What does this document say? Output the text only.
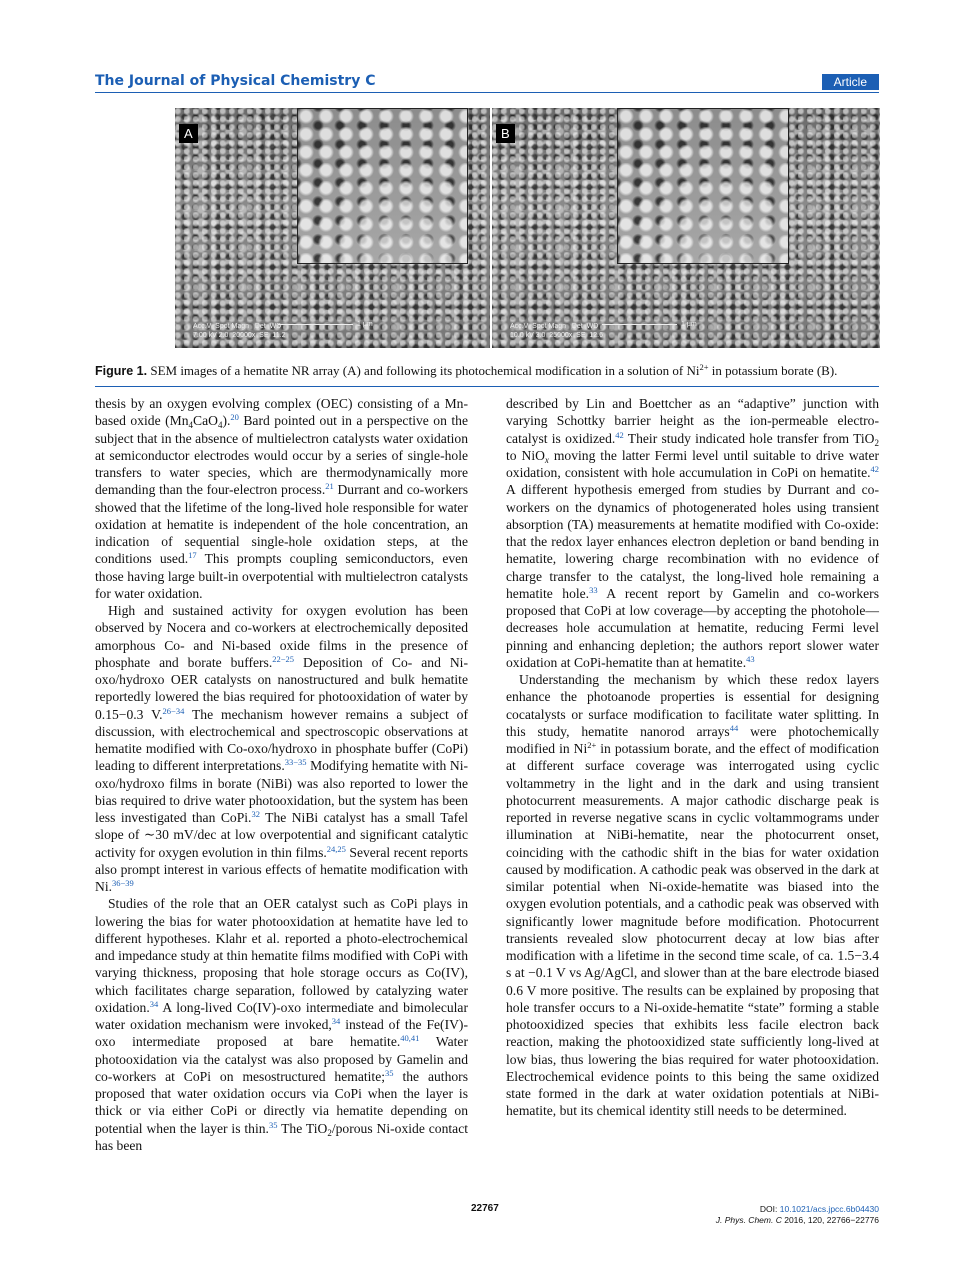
The Journal of Physical Chemistry C	Article
A
1 μm
Acc.V  Spot Magn   Det  WD
7.00 kV 2.0  20000x  SE  11.2
B
1 μm
Acc.V  Spot Magn   Det  WD
10.0 kV 3.0  25000x  SE  12.6
Figure 1. SEM images of a hematite NR array (A) and following its photochemical modification in a solution of $Ni^{2+}$ in potassium borate (B).

thesis by an oxygen evolving complex (OEC) consisting of a Mn-based oxide $(Mn_4CaO_4).^{20}$ Bard pointed out in a perspective on the subject that in the absence of multielectron catalysts water oxidation at semiconductor electrodes would occur by a series of single-hole transfers to water species, which are thermodynamically more demanding than the four-electron process.$^{21}$ Durrant and co-workers showed that the lifetime of the long-lived hole responsible for water oxidation at hematite is independent of the hole concentration, an indication of sequential single-hole oxidation steps, at the conditions used.$^{17}$ This prompts coupling semiconductors, even those having large built-in overpotential with multielectron catalysts for water oxidation.

High and sustained activity for oxygen evolution has been observed by Nocera and co-workers at electrochemically deposited amorphous Co- and Ni-based oxide films in the presence of phosphate and borate buffers.$^{22-25}$ Deposition of Co- and Ni-oxo/hydroxo OER catalysts on nanostructured and bulk hematite reportedly lowered the bias required for photooxidation of water by 0.15−0.3 V.$^{26-34}$ The mechanism however remains a subject of discussion, with electrochemical and spectroscopic observations at hematite modified with Co-oxo/hydroxo in phosphate buffer (CoPi) leading to different interpretations.$^{33-35}$ Modifying hematite with Ni-oxo/hydroxo films in borate (NiBi) was also reported to lower the bias required to drive water photooxidation, but the system has been less investigated than CoPi.$^{32}$ The NiBi catalyst has a small Tafel slope of ∼30 mV/dec at low overpotential and significant catalytic activity for oxygen evolution in thin films.$^{24,25}$ Several recent reports also prompt interest in various effects of hematite modification with Ni.$^{36-39}$

Studies of the role that an OER catalyst such as CoPi plays in lowering the bias for water photooxidation at hematite have led to different hypotheses. Klahr et al. reported a photo-electrochemical and impedance study at thin hematite films modified with CoPi with varying thickness, proposing that hole storage occurs as Co(IV), which facilitates charge separation, followed by catalyzing water oxidation.$^{34}$ A long-lived Co(IV)-oxo intermediate and bimolecular water oxidation mechanism were invoked,$^{34}$ instead of the Fe(IV)-oxo intermediate proposed at bare hematite.$^{40,41}$ Water photooxidation via the catalyst was also proposed by Gamelin and co-workers at CoPi on mesostructured hematite;$^{35}$ the authors proposed that water oxidation occurs via CoPi when the layer is thick or via either CoPi or directly via hematite depending on potential when the layer is thin.$^{35}$ The TiO$_2$/porous Ni-oxide contact has been

described by Lin and Boettcher as an “adaptive” junction with varying Schottky barrier height as the ion-permeable electro-catalyst is oxidized.$^{42}$ Their study indicated hole transfer from TiO$_2$ to NiO$_x$ moving the latter Fermi level until suitable to drive water oxidation, consistent with hole accumulation in CoPi on hematite.$^{42}$ A different hypothesis emerged from studies by Durrant and co-workers on the dynamics of photogenerated holes using transient absorption (TA) measurements at hematite modified with Co-oxide: that the redox layer enhances electron depletion or band bending in hematite, lowering charge recombination with no evidence of charge transfer to the catalyst, the long-lived hole remaining a hematite hole.$^{33}$ A recent report by Gamelin and co-workers proposed that CoPi at low coverage—by accepting the photohole—decreases hole accumulation at hematite, reducing Fermi level pinning and enhancing depletion; the authors report slower water oxidation at CoPi-hematite than at hematite.$^{43}$

Understanding the mechanism by which these redox layers enhance the photoanode properties is essential for designing cocatalysts or surface modification to facilitate water splitting. In this study, hematite nanorod arrays$^{44}$ were photochemically modified in $Ni^{2+}$ in potassium borate, and the effect of modification at different surface coverage was interrogated using cyclic voltammetry in the light and in the dark and using transient photocurrent measurements. A major cathodic discharge peak is reported in reverse negative scans in cyclic voltammograms under illumination at NiBi-hematite, near the photocurrent onset, coinciding with the cathodic shift in the bias for water oxidation caused by modification. A cathodic peak was observed in the dark at similar potential when Ni-oxide-hematite was biased into the oxygen evolution potentials, and a cathodic peak was observed with significantly lower magnitude before modification. Photocurrent transients revealed slow photocurrent decay at low bias after modification with a lifetime in the second time scale, of ca. 1.5−3.4 s at −0.1 V vs Ag/AgCl, and slower than at the bare electrode biased 0.6 V more positive. The results can be explained by proposing that hole transfer occurs to a Ni-oxide-hematite “state” forming a stable photooxidized species that exhibits less facile electron back reaction, making the photooxidized state sufficiently long-lived at low bias, thus lowering the bias required for water photooxidation. Electrochemical evidence points to this being the same oxidized state formed in the dark at water oxidation potentials at NiBi-hematite, but its chemical identity still needs to be determined.

22767	DOI: 10.1021/acs.jpcc.6b04430
J. Phys. Chem. C 2016, 120, 22766−22776
